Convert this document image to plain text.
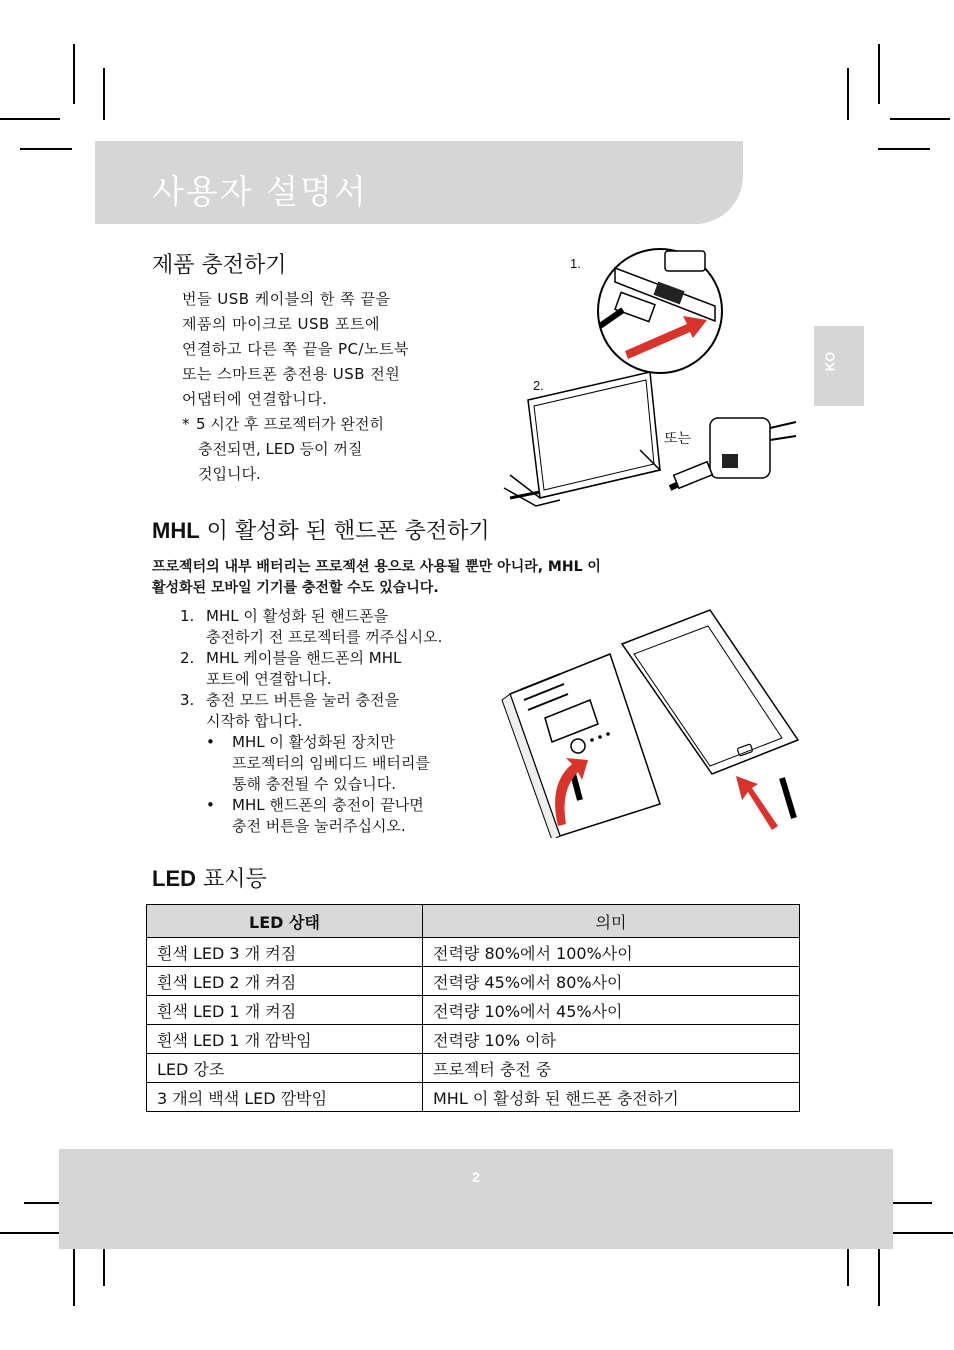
사용자 설명서
KO
제품 충전하기

번들 USB 케이블의 한 쪽 끝을

제품의 마이크로 USB 포트에

연결하고 다른 쪽 끝을 PC/노트북

또는 스마트폰 충전용 USB 전원

어댑터에 연결합니다.

* 5 시간 후 프로젝터가 완전히
충전되면, LED 등이 꺼질
것입니다.
1.
2.
또는
MHL 이 활성화 된 핸드폰 충전하기
프로젝터의 내부 배터리는 프로젝션 용으로 사용될 뿐만 아니라, MHL 이
활성화된 모바일 기기를 충전할 수도 있습니다.
1. MHL 이 활성화 된 핸드폰을
충전하기 전 프로젝터를 꺼주십시오.
2. MHL 케이블을 핸드폰의 MHL
포트에 연결합니다.
3. 충전 모드 버튼을 눌러 충전을
시작하 합니다.
• MHL 이 활성화된 장치만
프로젝터의 임베디드 배터리를
통해 충전될 수 있습니다.
• MHL 핸드폰의 충전이 끝나면
충전 버튼을 눌러주십시오.
LED 표시등
LED 상태	의미
흰색 LED 3 개 켜짐	전력량 80%에서 100%사이
흰색 LED 2 개 켜짐	전력량 45%에서 80%사이
흰색 LED 1 개 켜짐	전력량 10%에서 45%사이
흰색 LED 1 개 깜박임	전력량 10% 이하
LED 강조	프로젝터 충전 중
3 개의 백색 LED 깜박임	MHL 이 활성화 된 핸드폰 충전하기
2
